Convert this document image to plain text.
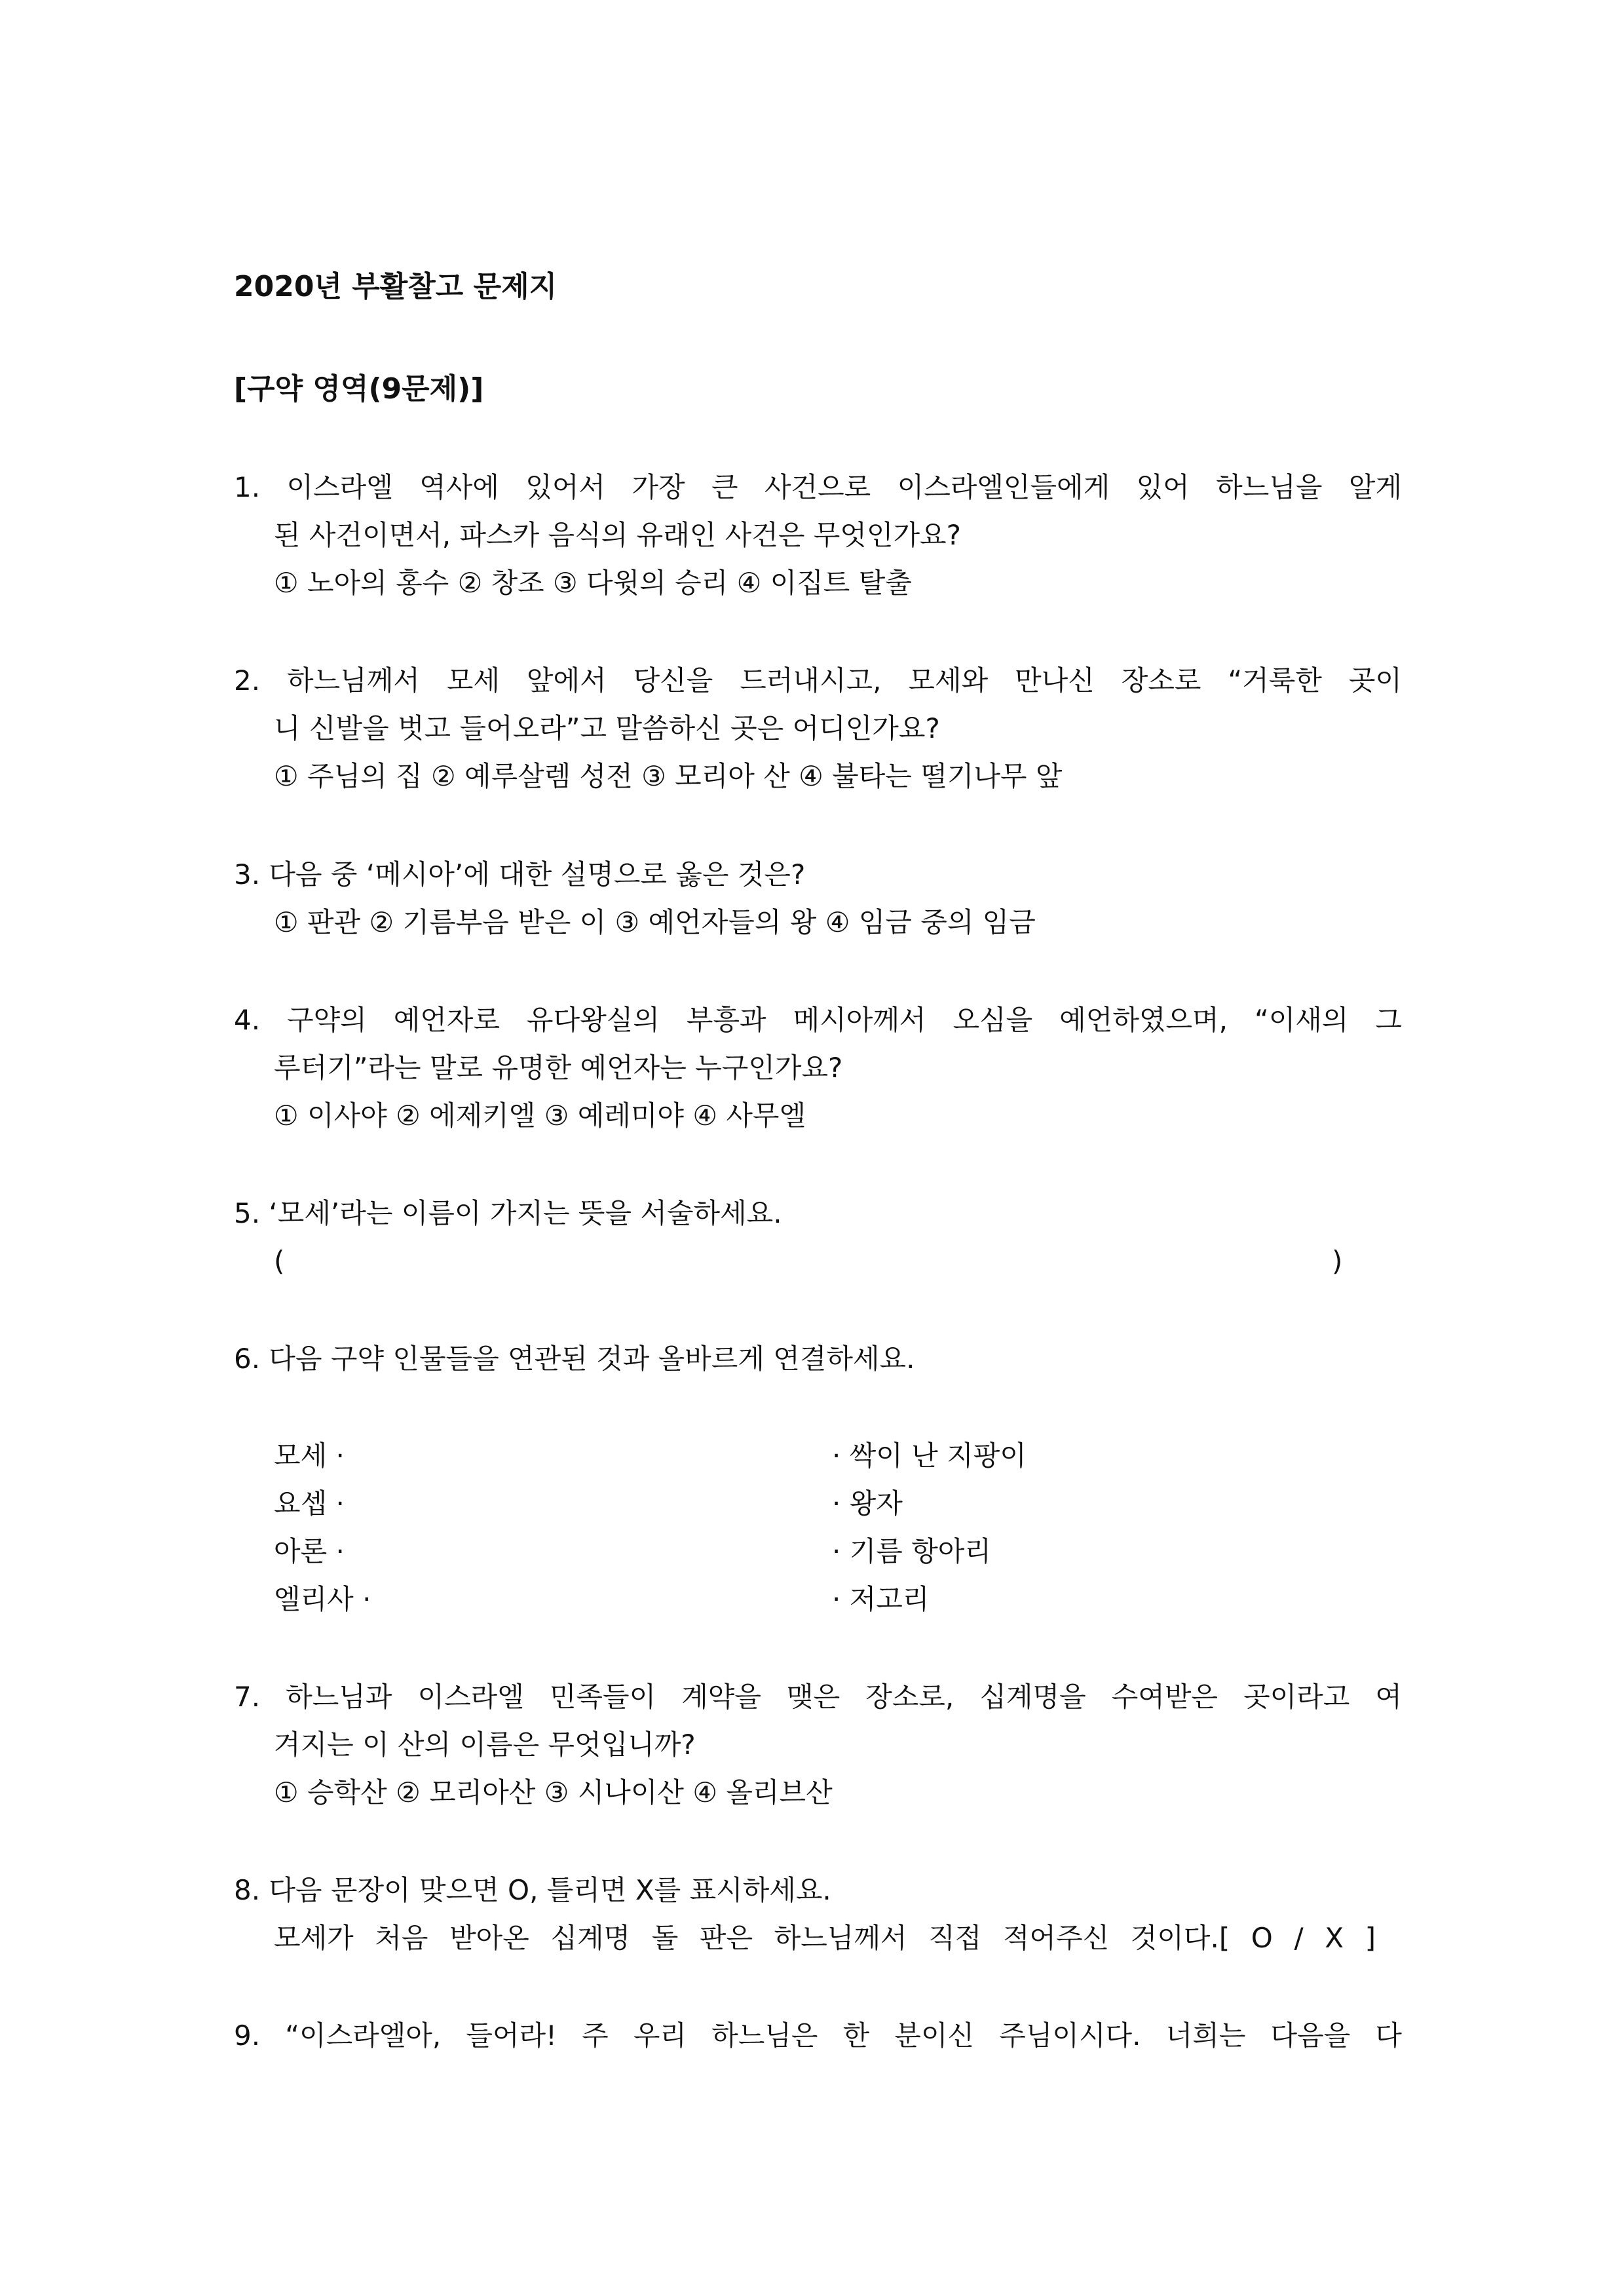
2020년 부활찰고 문제지
[구약 영역(9문제)]
1. 이스라엘 역사에 있어서 가장 큰 사건으로 이스라엘인들에게 있어 하느님을 알게
된 사건이면서, 파스카 음식의 유래인 사건은 무엇인가요?
① 노아의 홍수 ② 창조 ③ 다윗의 승리 ④ 이집트 탈출
2. 하느님께서 모세 앞에서 당신을 드러내시고, 모세와 만나신 장소로 “거룩한 곳이
니 신발을 벗고 들어오라”고 말씀하신 곳은 어디인가요?
① 주님의 집 ② 예루살렘 성전 ③ 모리아 산 ④ 불타는 떨기나무 앞
3. 다음 중 ‘메시아’에 대한 설명으로 옳은 것은?
① 판관 ② 기름부음 받은 이 ③ 예언자들의 왕 ④ 임금 중의 임금
4. 구약의 예언자로 유다왕실의 부흥과 메시아께서 오심을 예언하였으며, “이새의 그
루터기”라는 말로 유명한 예언자는 누구인가요?
① 이사야 ② 에제키엘 ③ 예레미야 ④ 사무엘
5. ‘모세’라는 이름이 가지는 뜻을 서술하세요.
(	)
6. 다음 구약 인물들을 연관된 것과 올바르게 연결하세요.
모세 ·
요셉 ·
아론 ·
엘리사 ·
· 싹이 난 지팡이
· 왕자
· 기름 항아리
· 저고리
7. 하느님과 이스라엘 민족들이 계약을 맺은 장소로, 십계명을 수여받은 곳이라고 여
겨지는 이 산의 이름은 무엇입니까?
① 승학산 ② 모리아산 ③ 시나이산 ④ 올리브산
8. 다음 문장이 맞으면 O, 틀리면 X를 표시하세요.
모세가 처음 받아온 십계명 돌 판은 하느님께서 직접 적어주신 것이다.[ O / X ]
9. “이스라엘아, 들어라! 주 우리 하느님은 한 분이신 주님이시다. 너희는 다음을 다
